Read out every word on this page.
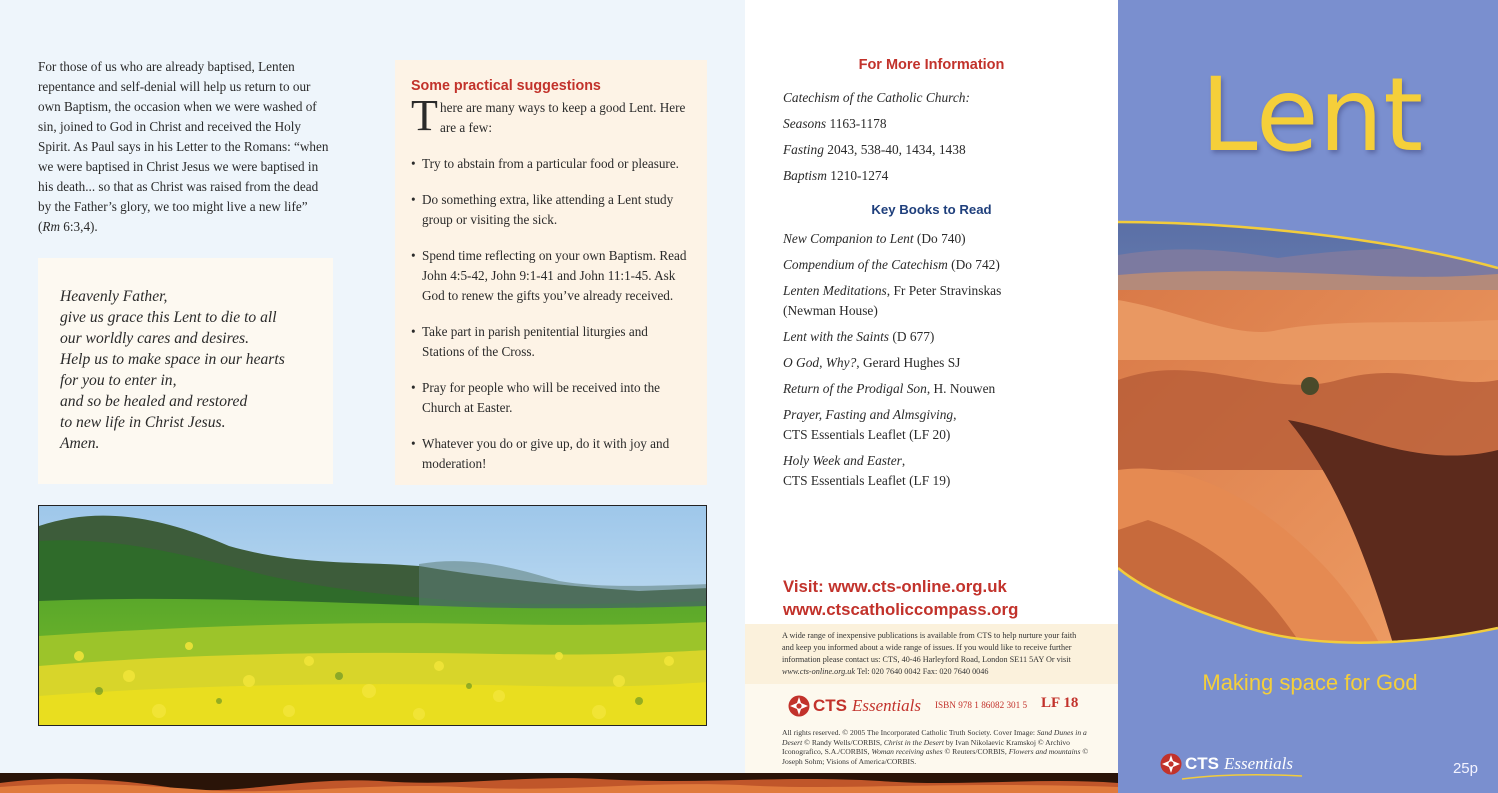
For those of us who are already baptised, Lenten
repentance and self-denial will help us return to our
own Baptism, the occasion when we were washed of
sin, joined to God in Christ and received the Holy
Spirit. As Paul says in his Letter to the Romans: “when
we were baptised in Christ Jesus we were baptised in
his death... so that as Christ was raised from the dead
by the Father’s glory, we too might live a new life”
(Rm 6:3,4).

Heavenly Father,
give us grace this Lent to die to all
our worldly cares and desires.
Help us to make space in our hearts
for you to enter in,
and so be healed and restored
to new life in Christ Jesus.
Amen.
Some practical suggestions
T here are many ways to keep a good Lent. Here are a few:
• Try to abstain from a particular food or pleasure.
• Do something extra, like attending a Lent study group or visiting the sick.
• Spend time reflecting on your own Baptism. Read John 4:5-42, John 9:1-41 and John 11:1-45. Ask God to renew the gifts you’ve already received.
• Take part in parish penitential liturgies and Stations of the Cross.
• Pray for people who will be received into the Church at Easter.
• Whatever you do or give up, do it with joy and moderation!
For More Information
Catechism of the Catholic Church:
Seasons 1163-1178
Fasting 2043, 538-40, 1434, 1438
Baptism 1210-1274
Key Books to Read
New Companion to Lent (Do 740)
Compendium of the Catechism (Do 742)
Lenten Meditations, Fr Peter Stravinskas
(Newman House)
Lent with the Saints (D 677)
O God, Why?, Gerard Hughes SJ
Return of the Prodigal Son, H. Nouwen
Prayer, Fasting and Almsgiving,
CTS Essentials Leaflet (LF 20)
Holy Week and Easter,
CTS Essentials Leaflet (LF 19)
Visit: www.cts-online.org.uk
www.ctscatholiccompass.org
A wide range of inexpensive publications is available from CTS to help nurture your faith and keep you informed about a wide range of issues. If you would like to receive further information please contact us: CTS, 40-46 Harleyford Road, London SE11 5AY Or visit www.cts-online.org.uk Tel: 020 7640 0042 Fax: 020 7640 0046
CTS Essentials ISBN 978 1 86082 301 5 LF 18
All rights reserved. © 2005 The Incorporated Catholic Truth Society. Cover Image: Sand Dunes in a Desert © Randy Wells/CORBIS, Christ in the Desert by Ivan Nikolaevic Kramskoj © Archivo Iconografico, S.A./CORBIS, Woman receiving ashes © Reuters/CORBIS, Flowers and mountains © Joseph Sohm; Visions of America/CORBIS.
Lent
Making space for God
CTS Essentials	25p
